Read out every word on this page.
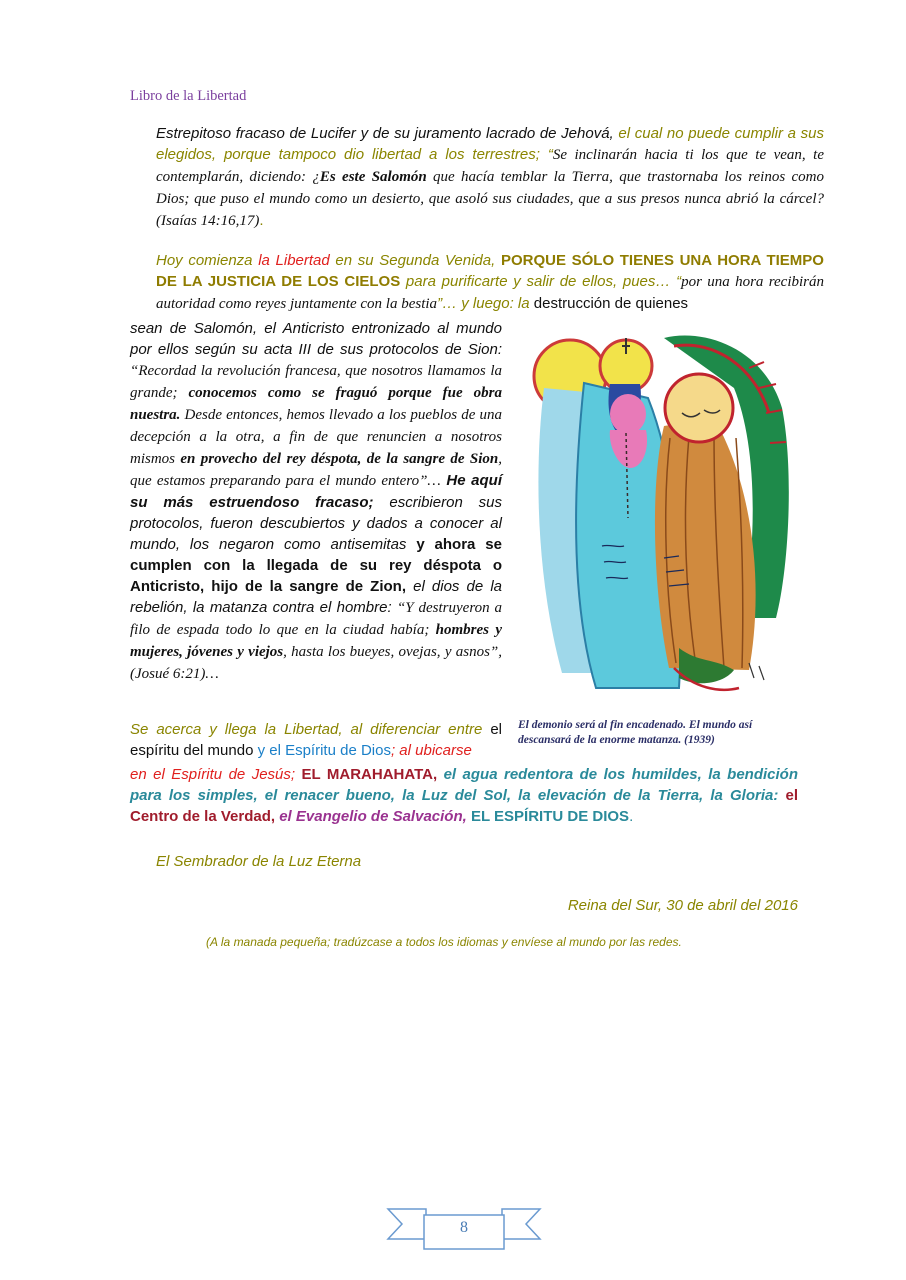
Libro de la Libertad

Estrepitoso fracaso de Lucifer y de su juramento lacrado de Jehová, el cual no puede cumplir a sus elegidos, porque tampoco dio libertad a los terrestres; “Se inclinarán hacia ti los que te vean, te contemplarán, diciendo: ¿Es este Salomón que hacía temblar la Tierra, que trastornaba los reinos como Dios; que puso el mundo como un desierto, que asoló sus ciudades, que a sus presos nunca abrió la cárcel? (Isaías 14:16,17).

Hoy comienza la Libertad en su Segunda Venida, PORQUE SÓLO TIENES UNA HORA TIEMPO DE LA JUSTICIA DE LOS CIELOS para purificarte y salir de ellos, pues… “por una hora recibirán autoridad como reyes juntamente con la bestia”… y luego: la destrucción de quienes

sean de Salomón, el Anticristo entronizado al mundo por ellos según su acta III de sus protocolos de Sion: “Recordad la revolución francesa, que nosotros llamamos la grande; conocemos como se fraguó porque fue obra nuestra. Desde entonces, hemos llevado a los pueblos de una decepción a la otra, a fin de que renuncien a nosotros mismos en provecho del rey déspota, de la sangre de Sion, que estamos preparando para el mundo entero”… He aquí su más estruendoso fracaso; escribieron sus protocolos, fueron descubiertos y dados a conocer al mundo, los negaron como antisemitas y ahora se cumplen con la llegada de su rey déspota o Anticristo, hijo de la sangre de Zion, el dios de la rebelión, la matanza contra el hombre: “Y destruyeron a filo de espada todo lo que en la ciudad había; hombres y mujeres, jóvenes y viejos, hasta los bueyes, ovejas, y asnos”, (Josué 6:21)…

Se acerca y llega la Libertad, al diferenciar entre el espíritu del mundo y el Espíritu de Dios; al ubicarse

en el Espíritu de Jesús; EL MARAHAHATA, el agua redentora de los humildes, la bendición para los simples, el renacer bueno, la Luz del Sol, la elevación de la Tierra, la Gloria: el Centro de la Verdad, el Evangelio de Salvación, EL ESPÍRITU DE DIOS.

El demonio será al fin encadenado. El mundo así descansará de la enorme matanza. (1939)
El Sembrador de la Luz Eterna
Reina del Sur, 30 de abril del 2016
(A la manada pequeña; tradúzcase a todos los idiomas y envíese al mundo por las redes.
8
